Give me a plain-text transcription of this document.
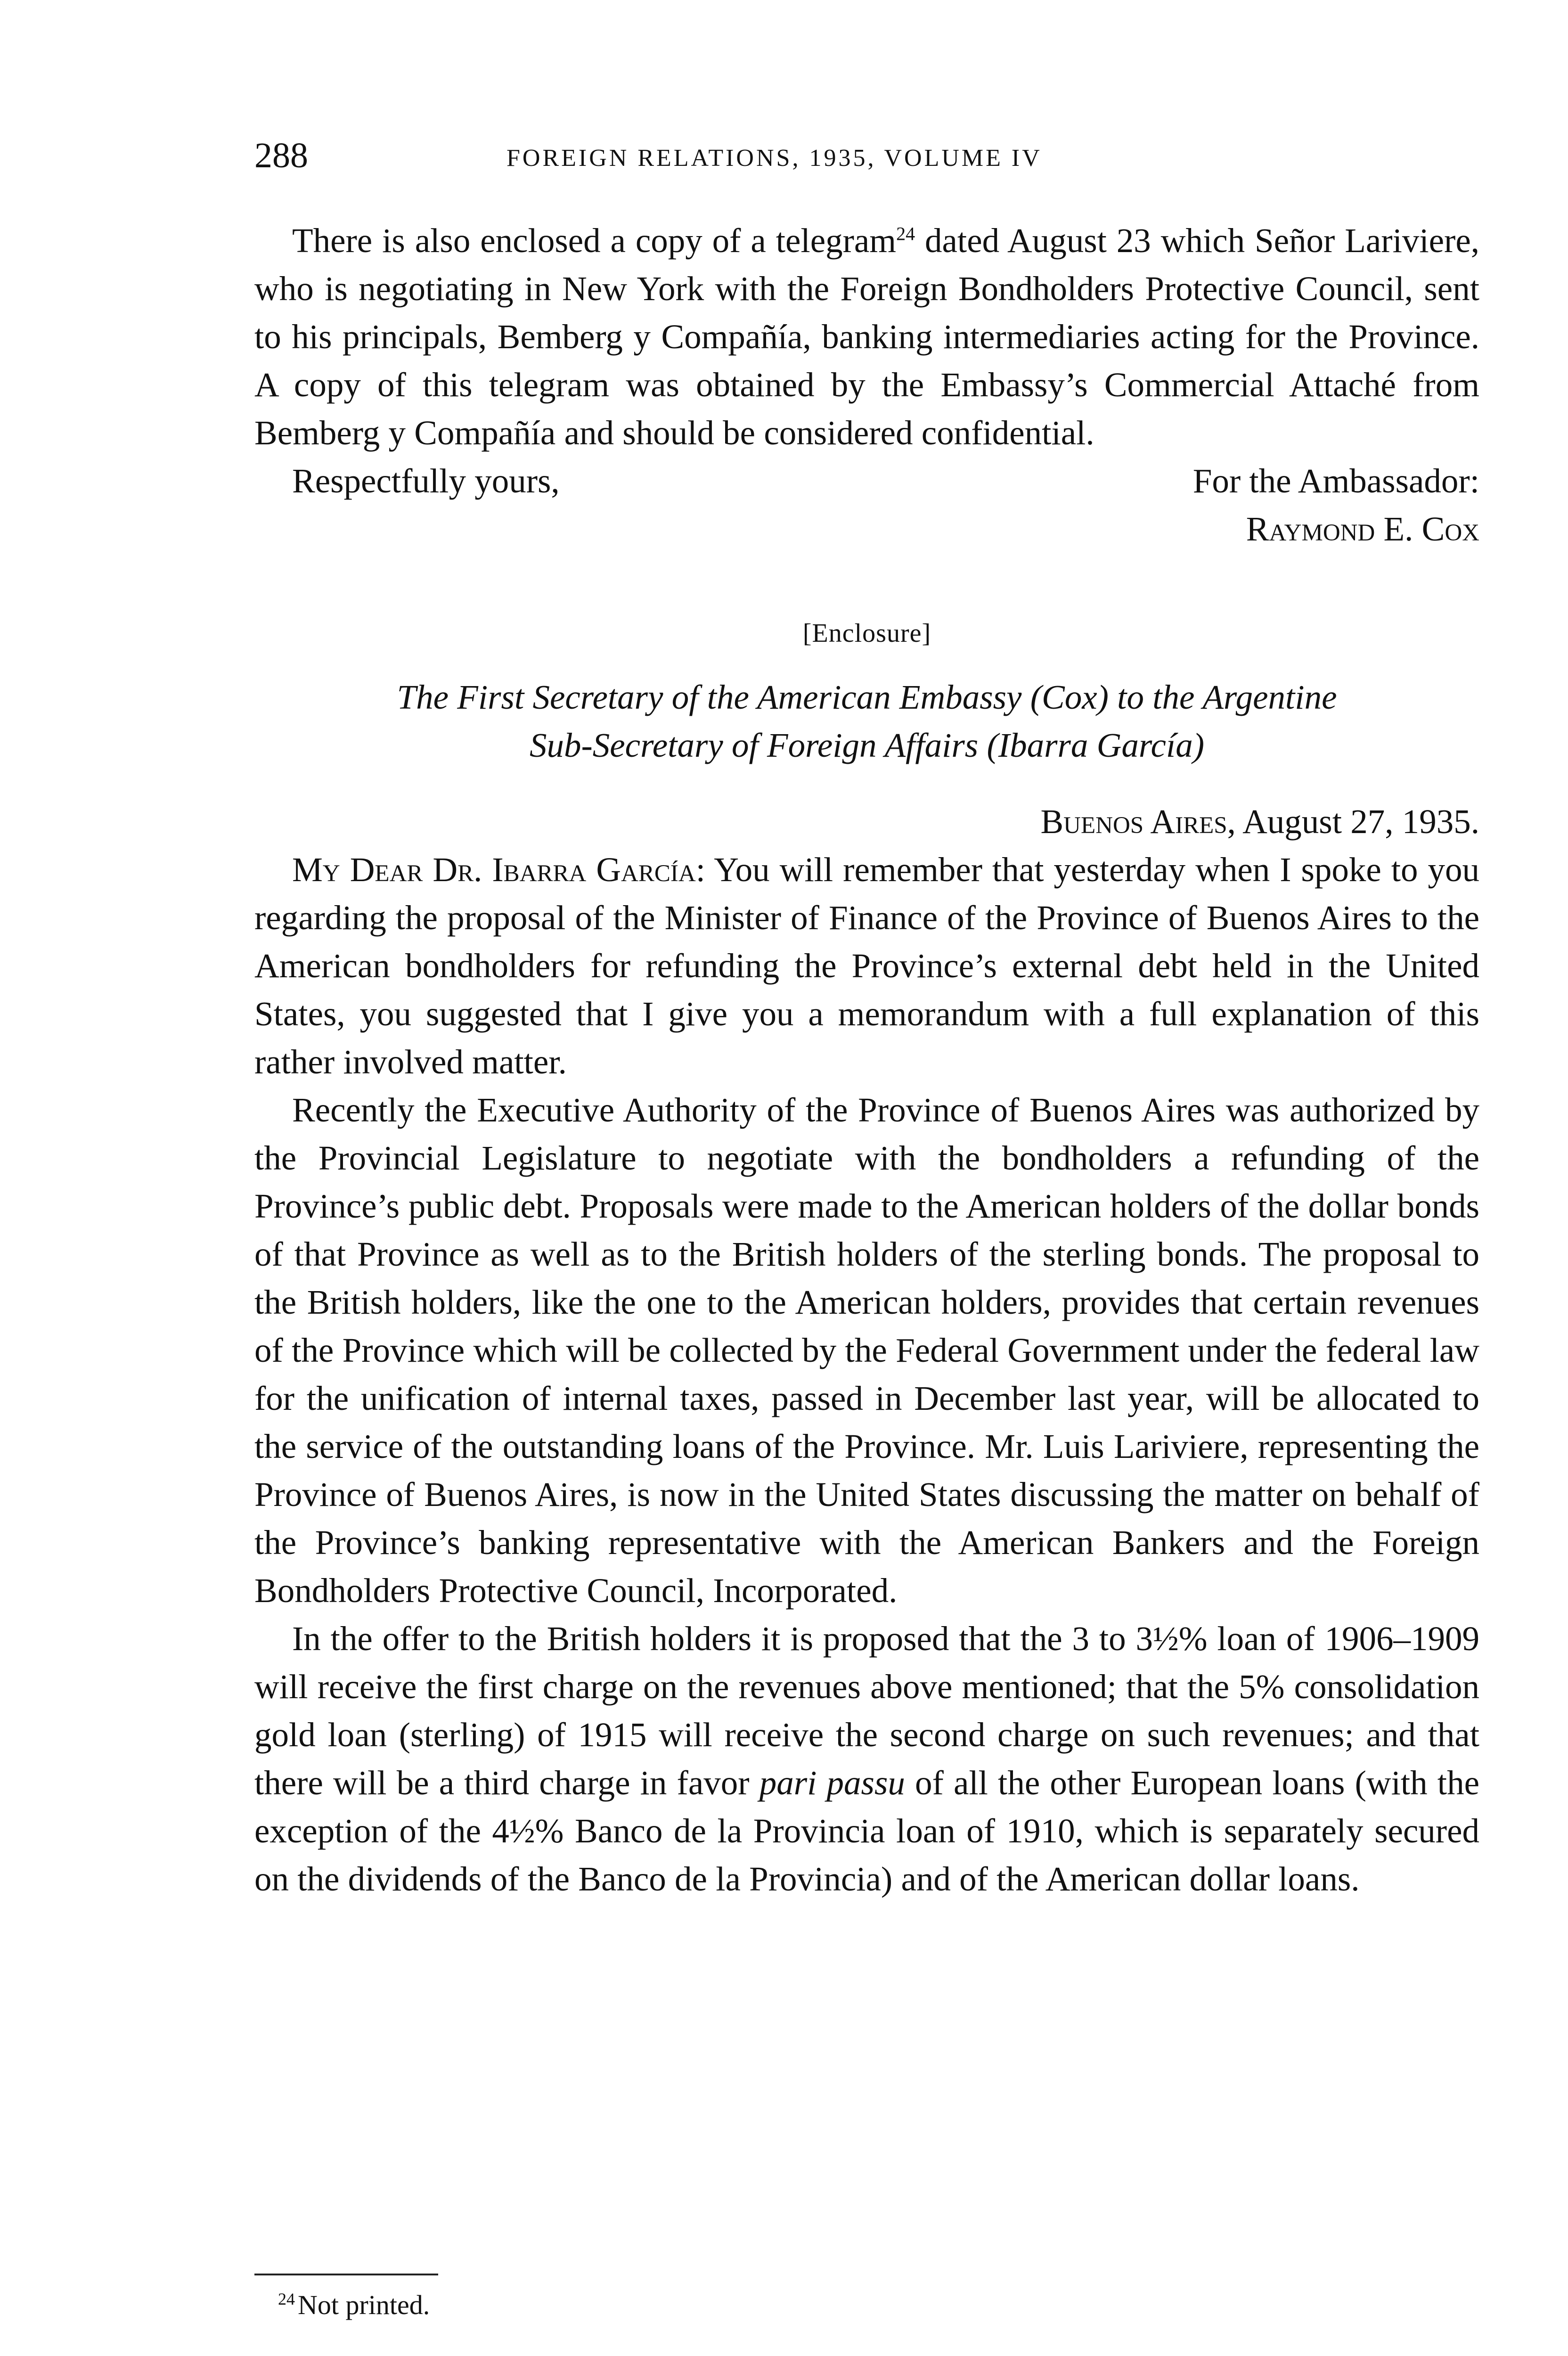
288	FOREIGN RELATIONS, 1935, VOLUME IV

There is also enclosed a copy of a telegram$^{24}$ dated August 23 which Señor Lariviere, who is negotiating in New York with the Foreign Bondholders Protective Council, sent to his principals, Bemberg y Compañía, banking intermediaries acting for the Province. A copy of this telegram was obtained by the Embassy’s Commercial Attaché from Bemberg y Compañía and should be considered confidential.

Respectfully yours,	For the Ambassador:

Raymond E. Cox

[Enclosure]

The First Secretary of the American Embassy (Cox) to the Argentine
Sub-Secretary of Foreign Affairs (Ibarra García)

Buenos Aires, August 27, 1935.

My Dear Dr. Ibarra García: You will remember that yesterday when I spoke to you regarding the proposal of the Minister of Finance of the Province of Buenos Aires to the American bondholders for refunding the Province’s external debt held in the United States, you suggested that I give you a memorandum with a full explanation of this rather involved matter.

Recently the Executive Authority of the Province of Buenos Aires was authorized by the Provincial Legislature to negotiate with the bondholders a refunding of the Province’s public debt. Proposals were made to the American holders of the dollar bonds of that Province as well as to the British holders of the sterling bonds. The proposal to the British holders, like the one to the American holders, provides that certain revenues of the Province which will be collected by the Federal Government under the federal law for the unification of internal taxes, passed in December last year, will be allocated to the service of the outstanding loans of the Province. Mr. Luis Lariviere, representing the Province of Buenos Aires, is now in the United States discussing the matter on behalf of the Province’s banking representative with the American Bankers and the Foreign Bondholders Protective Council, Incorporated.

In the offer to the British holders it is proposed that the 3 to 3½% loan of 1906–1909 will receive the first charge on the revenues above mentioned; that the 5% consolidation gold loan (sterling) of 1915 will receive the second charge on such revenues; and that there will be a third charge in favor pari passu of all the other European loans (with the exception of the 4½% Banco de la Provincia loan of 1910, which is separately secured on the dividends of the Banco de la Provincia) and of the American dollar loans.

$^{24}$ Not printed.
